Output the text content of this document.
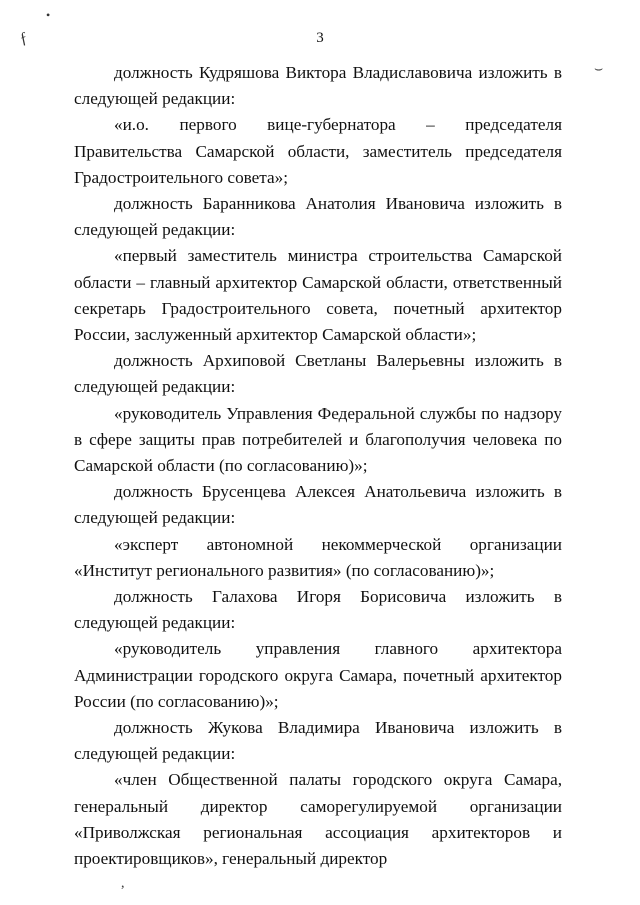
•
ƒ
⌣
,
3

должность Кудряшова Виктора Владиславовича изложить в следующей редакции:

«и.о. первого вице-губернатора – председателя Правительства Самарской области, заместитель председателя Градостроительного совета»;

должность Баранникова Анатолия Ивановича изложить в следующей редакции:

«первый заместитель министра строительства Самарской области – главный архитектор Самарской области, ответственный секретарь Градостроительного совета, почетный архитектор России, заслуженный архитектор Самарской области»;

должность Архиповой Светланы Валерьевны изложить в следующей редакции:

«руководитель Управления Федеральной службы по надзору в сфере защиты прав потребителей и благополучия человека по Самарской области (по согласованию)»;

должность Брусенцева Алексея Анатольевича изложить в следующей редакции:

«эксперт автономной некоммерческой организации «Институт регионального развития» (по согласованию)»;

должность Галахова Игоря Борисовича изложить в следующей редакции:

«руководитель управления главного архитектора Администрации городского округа Самара, почетный архитектор России (по согласованию)»;

должность Жукова Владимира Ивановича изложить в следующей редакции:

«член Общественной палаты городского округа Самара, генеральный директор саморегулируемой организации «Приволжская региональная ассоциация архитекторов и проектировщиков», генеральный директор
